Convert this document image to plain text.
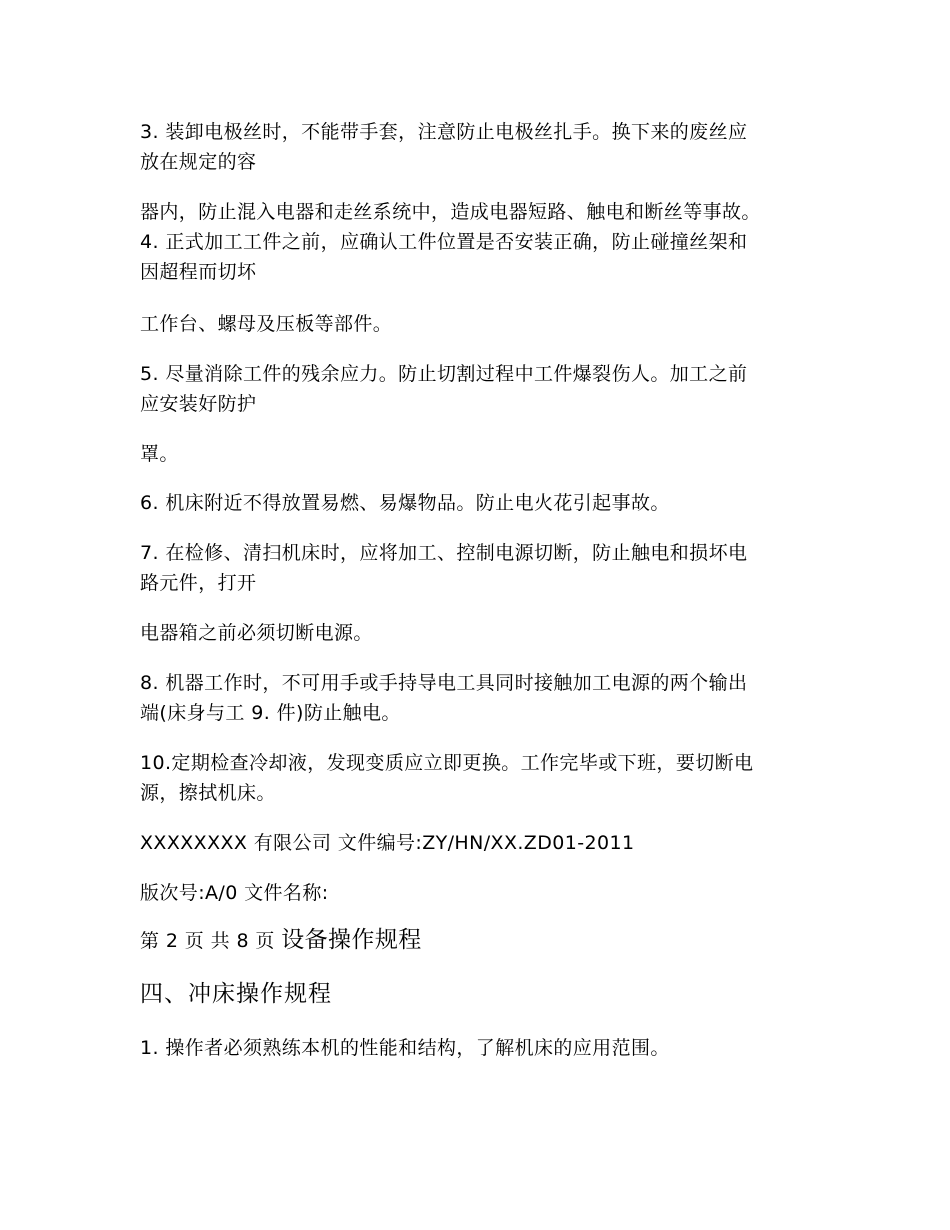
3. 装卸电极丝时，不能带手套，注意防止电极丝扎手。换下来的废丝应
放在规定的容
器内，防止混入电器和走丝系统中，造成电器短路、触电和断丝等事故。
4. 正式加工工件之前，应确认工件位置是否安装正确，防止碰撞丝架和
因超程而切坏
工作台、螺母及压板等部件。
5. 尽量消除工件的残余应力。防止切割过程中工件爆裂伤人。加工之前
应安装好防护
罩。
6. 机床附近不得放置易燃、易爆物品。防止电火花引起事故。
7. 在检修、清扫机床时，应将加工、控制电源切断，防止触电和损坏电
路元件，打开
电器箱之前必须切断电源。
8. 机器工作时，不可用手或手持导电工具同时接触加工电源的两个输出
端(床身与工 9. 件)防止触电。
10.定期检查冷却液，发现变质应立即更换。工作完毕或下班，要切断电
源，擦拭机床。
XXXXXXXX 有限公司 文件编号:ZY/HN/XX.ZD01-2011
版次号:A/0 文件名称:
第 2 页 共 8 页 设备操作规程
四、冲床操作规程
1. 操作者必须熟练本机的性能和结构，了解机床的应用范围。
